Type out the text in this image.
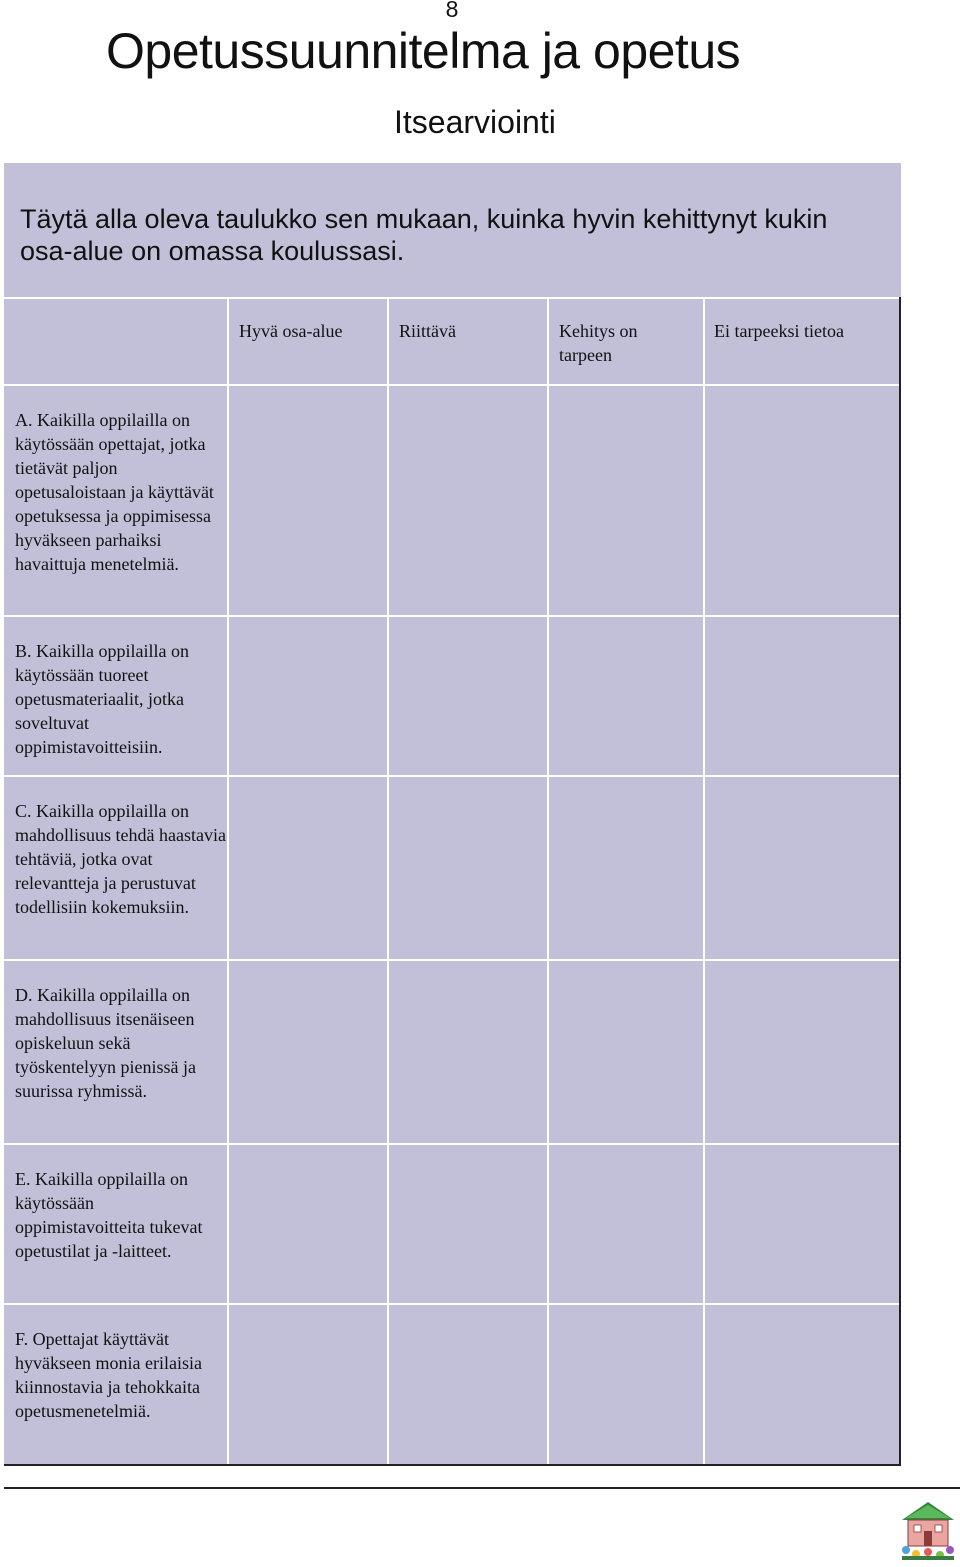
8
Opetussuunnitelma ja opetus
Itsearviointi

Täytä alla oleva taulukko sen mukaan, kuinka hyvin kehittynyt kukin osa-alue on omassa koulussasi.

Hyvä osa-alue	Riittävä	Kehitys on tarpeen
Ei tarpeeksi tietoa

A. Kaikilla oppilailla on käytössään opettajat, jotka tietävät paljon opetusaloistaan ja käyttävät opetuksessa ja oppimisessa hyväkseen parhaiksi havaittuja menetelmiä.

B. Kaikilla oppilailla on käytössään tuoreet opetusmateriaalit, jotka soveltuvat oppimistavoitteisiin.

C. Kaikilla oppilailla on mahdollisuus tehdä haastavia tehtäviä, jotka ovat relevantteja ja perustuvat todellisiin kokemuksiin.

D. Kaikilla oppilailla on mahdollisuus itsenäiseen opiskeluun sekä työskentelyyn pienissä ja suurissa ryhmissä.

E. Kaikilla oppilailla on käytössään oppimistavoitteita tukevat opetustilat ja -laitteet.

F. Opettajat käyttävät hyväkseen monia erilaisia kiinnostavia ja tehokkaita opetusmenetelmiä.
